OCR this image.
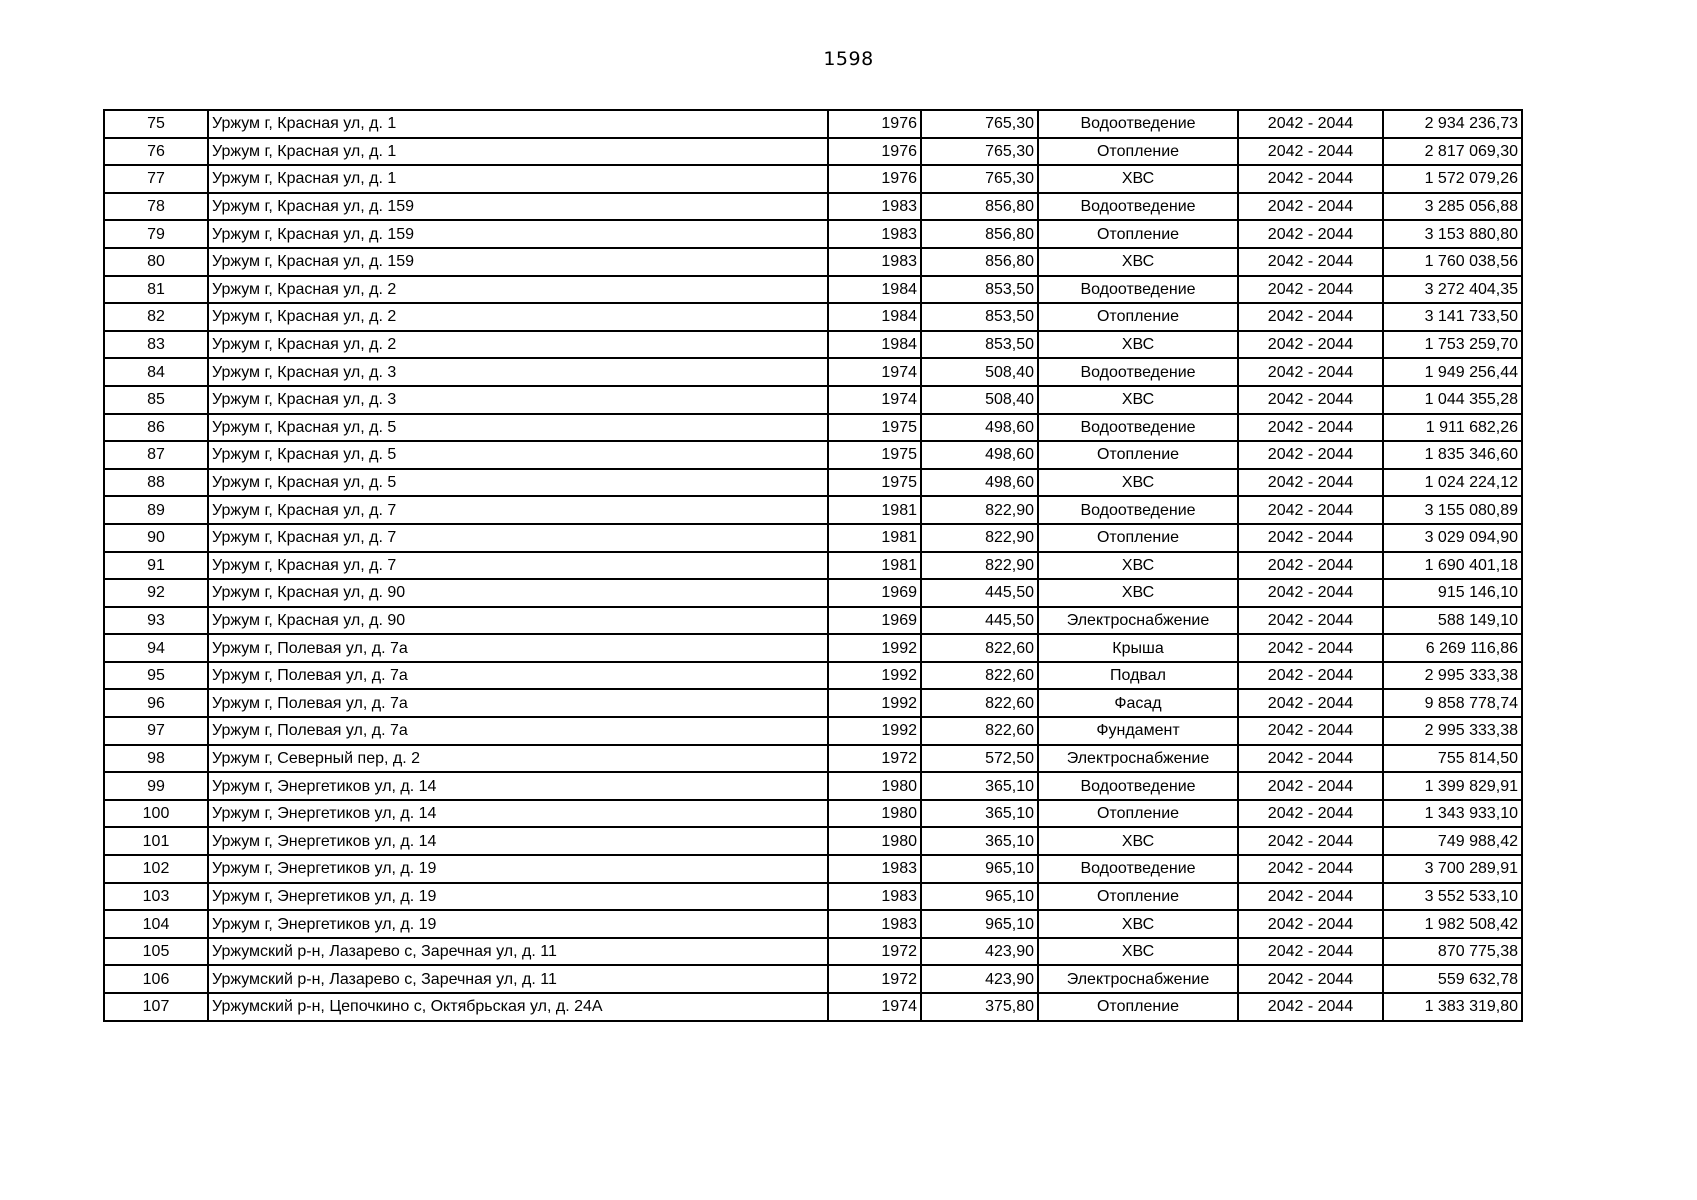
1598
75	Уржум г, Красная ул, д. 1	1976	765,30	Водоотведение	2042 - 2044	2 934 236,73
76	Уржум г, Красная ул, д. 1	1976	765,30	Отопление	2042 - 2044	2 817 069,30
77	Уржум г, Красная ул, д. 1	1976	765,30	ХВС	2042 - 2044	1 572 079,26
78	Уржум г, Красная ул, д. 159	1983	856,80	Водоотведение	2042 - 2044	3 285 056,88
79	Уржум г, Красная ул, д. 159	1983	856,80	Отопление	2042 - 2044	3 153 880,80
80	Уржум г, Красная ул, д. 159	1983	856,80	ХВС	2042 - 2044	1 760 038,56
81	Уржум г, Красная ул, д. 2	1984	853,50	Водоотведение	2042 - 2044	3 272 404,35
82	Уржум г, Красная ул, д. 2	1984	853,50	Отопление	2042 - 2044	3 141 733,50
83	Уржум г, Красная ул, д. 2	1984	853,50	ХВС	2042 - 2044	1 753 259,70
84	Уржум г, Красная ул, д. 3	1974	508,40	Водоотведение	2042 - 2044	1 949 256,44
85	Уржум г, Красная ул, д. 3	1974	508,40	ХВС	2042 - 2044	1 044 355,28
86	Уржум г, Красная ул, д. 5	1975	498,60	Водоотведение	2042 - 2044	1 911 682,26
87	Уржум г, Красная ул, д. 5	1975	498,60	Отопление	2042 - 2044	1 835 346,60
88	Уржум г, Красная ул, д. 5	1975	498,60	ХВС	2042 - 2044	1 024 224,12
89	Уржум г, Красная ул, д. 7	1981	822,90	Водоотведение	2042 - 2044	3 155 080,89
90	Уржум г, Красная ул, д. 7	1981	822,90	Отопление	2042 - 2044	3 029 094,90
91	Уржум г, Красная ул, д. 7	1981	822,90	ХВС	2042 - 2044	1 690 401,18
92	Уржум г, Красная ул, д. 90	1969	445,50	ХВС	2042 - 2044	915 146,10
93	Уржум г, Красная ул, д. 90	1969	445,50	Электроснабжение	2042 - 2044	588 149,10
94	Уржум г, Полевая ул, д. 7а	1992	822,60	Крыша	2042 - 2044	6 269 116,86
95	Уржум г, Полевая ул, д. 7а	1992	822,60	Подвал	2042 - 2044	2 995 333,38
96	Уржум г, Полевая ул, д. 7а	1992	822,60	Фасад	2042 - 2044	9 858 778,74
97	Уржум г, Полевая ул, д. 7а	1992	822,60	Фундамент	2042 - 2044	2 995 333,38
98	Уржум г, Северный пер, д. 2	1972	572,50	Электроснабжение	2042 - 2044	755 814,50
99	Уржум г, Энергетиков ул, д. 14	1980	365,10	Водоотведение	2042 - 2044	1 399 829,91
100	Уржум г, Энергетиков ул, д. 14	1980	365,10	Отопление	2042 - 2044	1 343 933,10
101	Уржум г, Энергетиков ул, д. 14	1980	365,10	ХВС	2042 - 2044	749 988,42
102	Уржум г, Энергетиков ул, д. 19	1983	965,10	Водоотведение	2042 - 2044	3 700 289,91
103	Уржум г, Энергетиков ул, д. 19	1983	965,10	Отопление	2042 - 2044	3 552 533,10
104	Уржум г, Энергетиков ул, д. 19	1983	965,10	ХВС	2042 - 2044	1 982 508,42
105	Уржумский р-н, Лазарево с, Заречная ул, д. 11	1972	423,90	ХВС	2042 - 2044	870 775,38
106	Уржумский р-н, Лазарево с, Заречная ул, д. 11	1972	423,90	Электроснабжение	2042 - 2044	559 632,78
107	Уржумский р-н, Цепочкино с, Октябрьская ул, д. 24А	1974	375,80	Отопление	2042 - 2044	1 383 319,80
